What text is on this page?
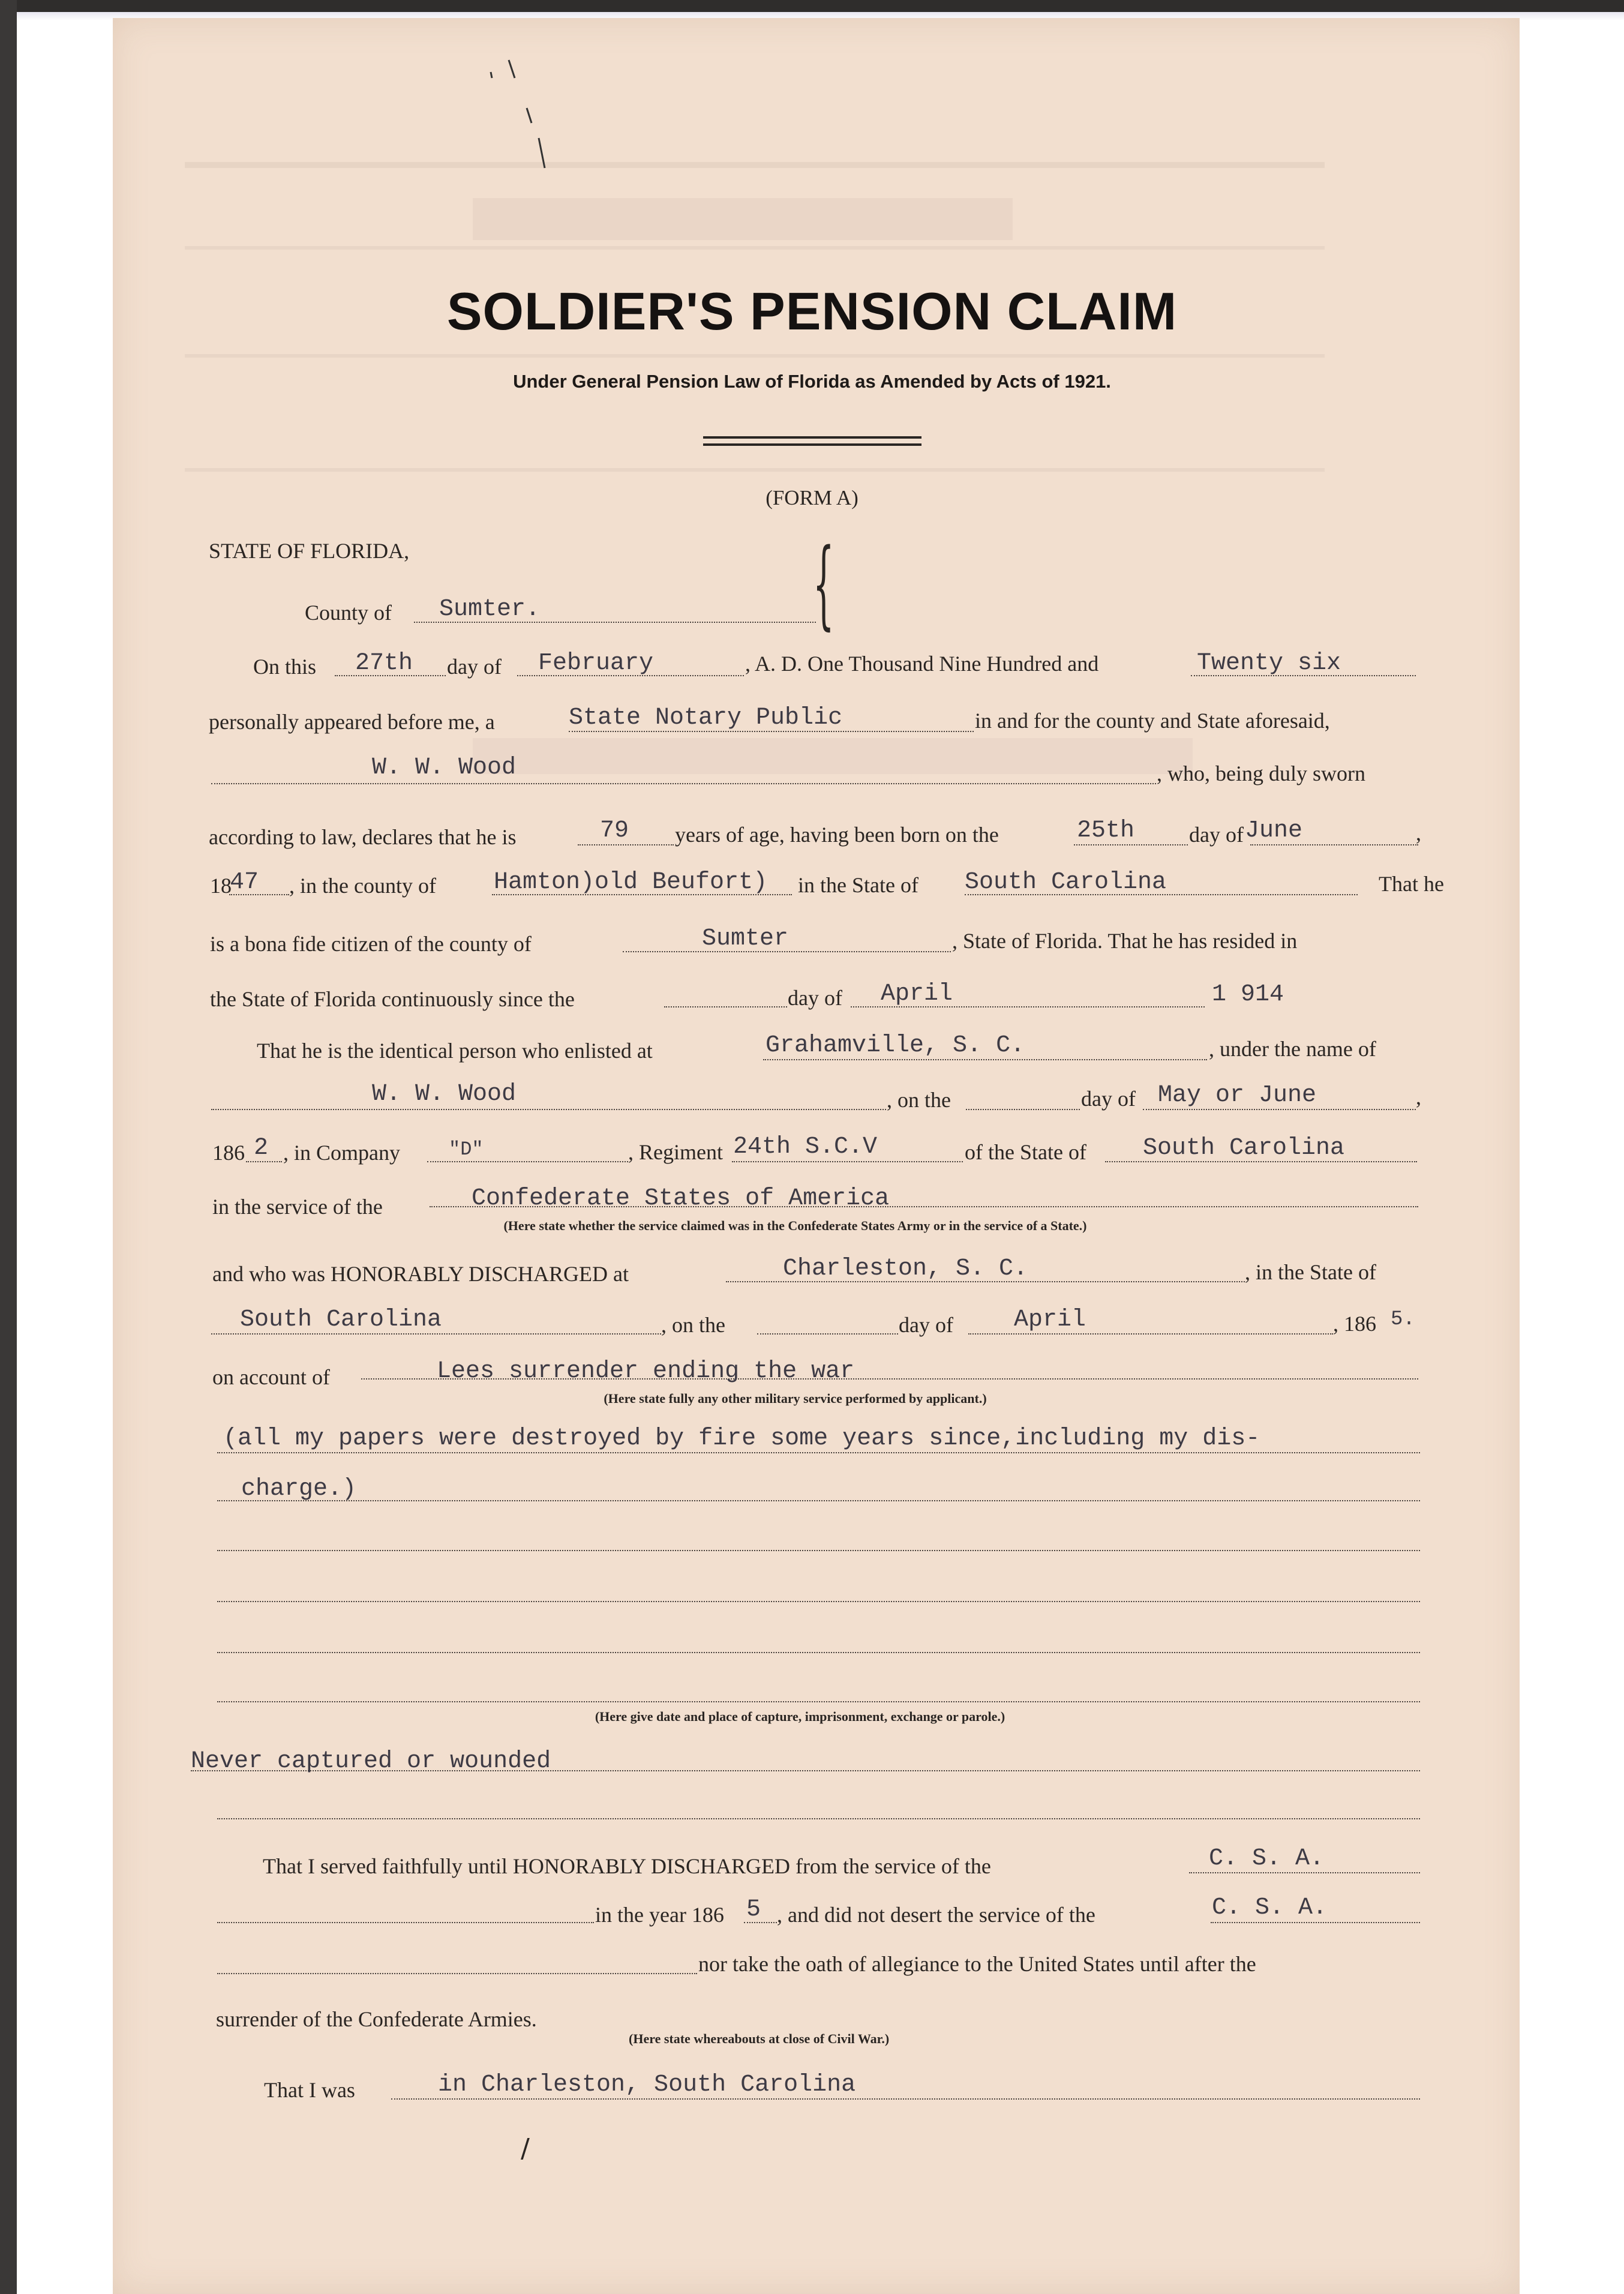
SOLDIER'S PENSION CLAIM
Under General Pension Law of Florida as Amended by Acts of 1921.
(FORM A)
STATE OF FLORIDA,	{
County of Sumter.
On this 27th day of February	, A. D. One Thousand Nine Hundred and	Twenty six
personally appeared before me, a	State Notary Public	in and for the county and State aforesaid,
W. W. Wood	, who, being duly sworn
according to law, declares that he is	79 years of age, having been born on the	25th	day of June	,
18
47 , in the county of Hamton)old Beufort) in the State of South Carolina	That he
is a bona fide citizen of the county of	Sumter	, State of Florida. That he has resided in
the State of Florida continuously since the	day of April	1 914
That he is the identical person who enlisted at	Grahamville, S. C.	, under the name of
W. W. Wood	, on the	day of May or June	,
186 2 , in Company	"D"	, Regiment 24th S.C.V	of the State of South Carolina
in the service of the	Confederate States of America
(Here state whether the service claimed was in the Confederate States Army or in the service of a State.)
and who was HONORABLY DISCHARGED at	Charleston, S. C.	, in the State of
South Carolina	, on the	day of	April	, 186 5.
on account of	Lees surrender ending the war
(Here state fully any other military service performed by applicant.)
(all my papers were destroyed by fire some years since,including my dis-
charge.)
(Here give date and place of capture, imprisonment, exchange or parole.)
Never captured or wounded
That I served faithfully until HONORABLY DISCHARGED from the service of the	C. S. A.
in the year 186 5 , and did not desert the service of the	C. S. A.
nor take the oath of allegiance to the United States until after the
surrender of the Confederate Armies.
(Here state whereabouts at close of Civil War.)
That I was	in Charleston, South Carolina
/
